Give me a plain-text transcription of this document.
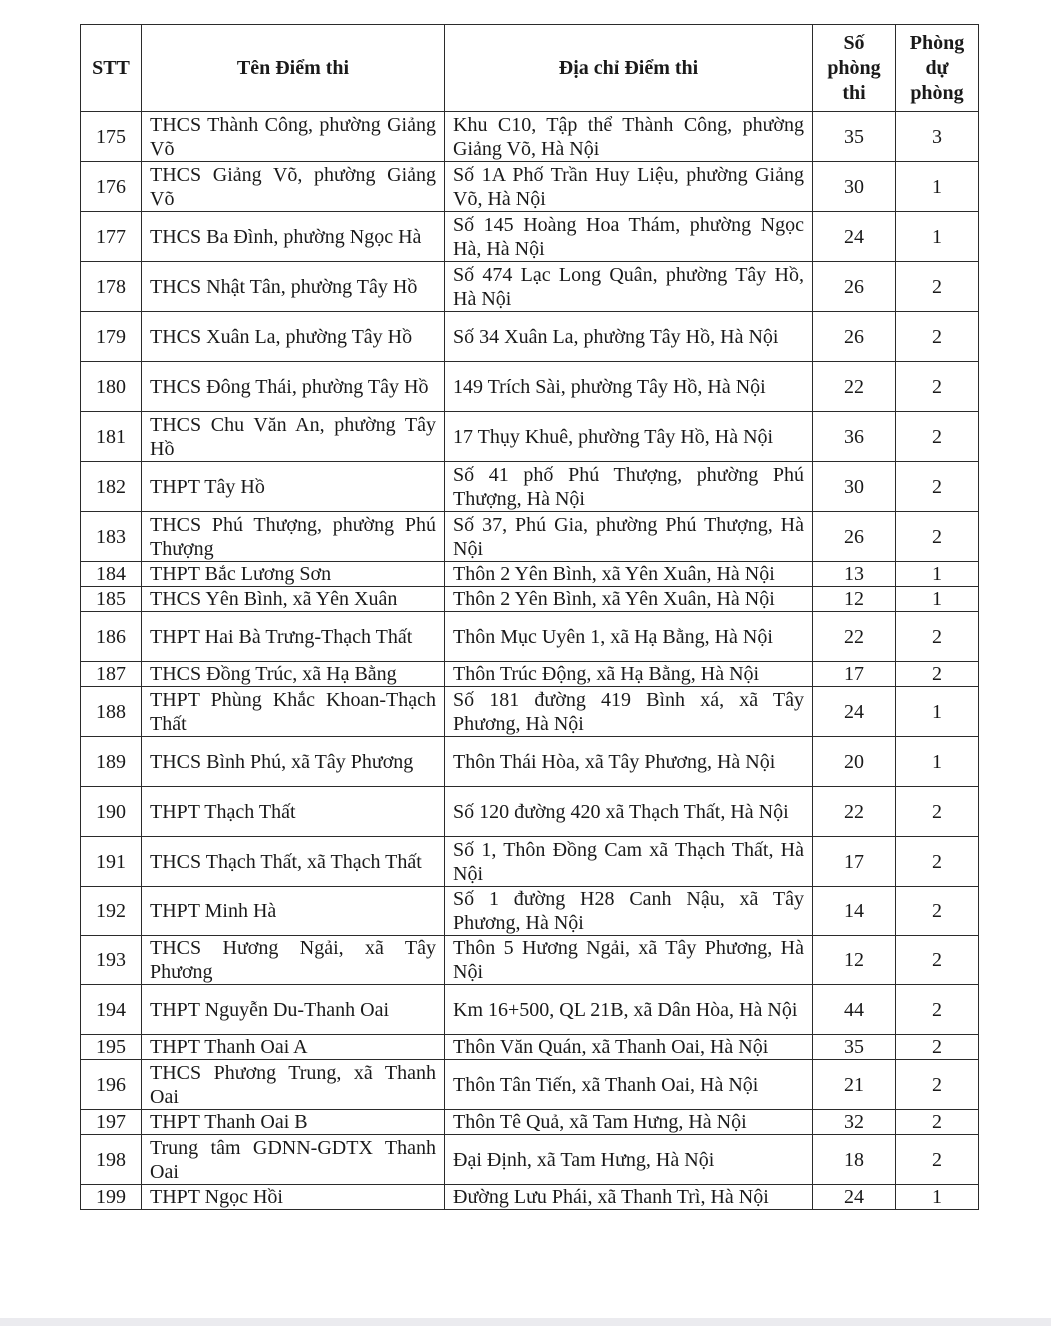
STT	Tên Điểm thi	Địa chỉ Điểm thi	Số phòng thi	Phòng dự phòng
175	THCS Thành Công, phường Giảng Võ	Khu C10, Tập thể Thành Công, phường Giảng Võ, Hà Nội	35	3
176	THCS Giảng Võ, phường Giảng Võ	Số 1A Phố Trần Huy Liệu, phường Giảng Võ, Hà Nội	30	1
177	THCS Ba Đình, phường Ngọc Hà	Số 145 Hoàng Hoa Thám, phường Ngọc Hà, Hà Nội	24	1
178	THCS Nhật Tân, phường Tây Hồ	Số 474 Lạc Long Quân, phường Tây Hồ, Hà Nội	26	2
179	THCS Xuân La, phường Tây Hồ	Số 34 Xuân La, phường Tây Hồ, Hà Nội	26	2
180	THCS Đông Thái, phường Tây Hồ	149 Trích Sài, phường Tây Hồ, Hà Nội	22	2
181	THCS Chu Văn An, phường Tây Hồ	17 Thụy Khuê, phường Tây Hồ, Hà Nội	36	2
182	THPT Tây Hồ	Số 41 phố Phú Thượng, phường Phú Thượng, Hà Nội	30	2
183	THCS Phú Thượng, phường Phú Thượng	Số 37, Phú Gia, phường Phú Thượng, Hà Nội	26	2
184	THPT Bắc Lương Sơn	Thôn 2 Yên Bình, xã Yên Xuân, Hà Nội	13	1
185	THCS Yên Bình, xã Yên Xuân	Thôn 2 Yên Bình, xã Yên Xuân, Hà Nội	12	1
186	THPT Hai Bà Trưng-Thạch Thất	Thôn Mục Uyên 1, xã Hạ Bằng, Hà Nội	22	2
187	THCS Đồng Trúc, xã Hạ Bằng	Thôn Trúc Động, xã Hạ Bằng, Hà Nội	17	2
188	THPT Phùng Khắc Khoan-Thạch Thất	Số 181 đường 419 Bình xá, xã Tây Phương, Hà Nội	24	1
189	THCS Bình Phú, xã Tây Phương	Thôn Thái Hòa, xã Tây Phương, Hà Nội	20	1
190	THPT Thạch Thất	Số 120 đường 420 xã Thạch Thất, Hà Nội	22	2
191	THCS Thạch Thất, xã Thạch Thất	Số 1, Thôn Đồng Cam xã Thạch Thất, Hà Nội	17	2
192	THPT Minh Hà	Số 1 đường H28 Canh Nậu, xã Tây Phương, Hà Nội	14	2
193	THCS Hương Ngải, xã Tây Phương	Thôn 5 Hương Ngải, xã Tây Phương, Hà Nội	12	2
194	THPT Nguyễn Du-Thanh Oai	Km 16+500, QL 21B, xã Dân Hòa, Hà Nội	44	2
195	THPT Thanh Oai A	Thôn Văn Quán, xã Thanh Oai, Hà Nội	35	2
196	THCS Phương Trung, xã Thanh Oai	Thôn Tân Tiến, xã Thanh Oai, Hà Nội	21	2
197	THPT Thanh Oai B	Thôn Tê Quả, xã Tam Hưng, Hà Nội	32	2
198	Trung tâm GDNN-GDTX Thanh Oai	Đại Định, xã Tam Hưng, Hà Nội	18	2
199	THPT Ngọc Hồi	Đường Lưu Phái, xã Thanh Trì, Hà Nội	24	1
